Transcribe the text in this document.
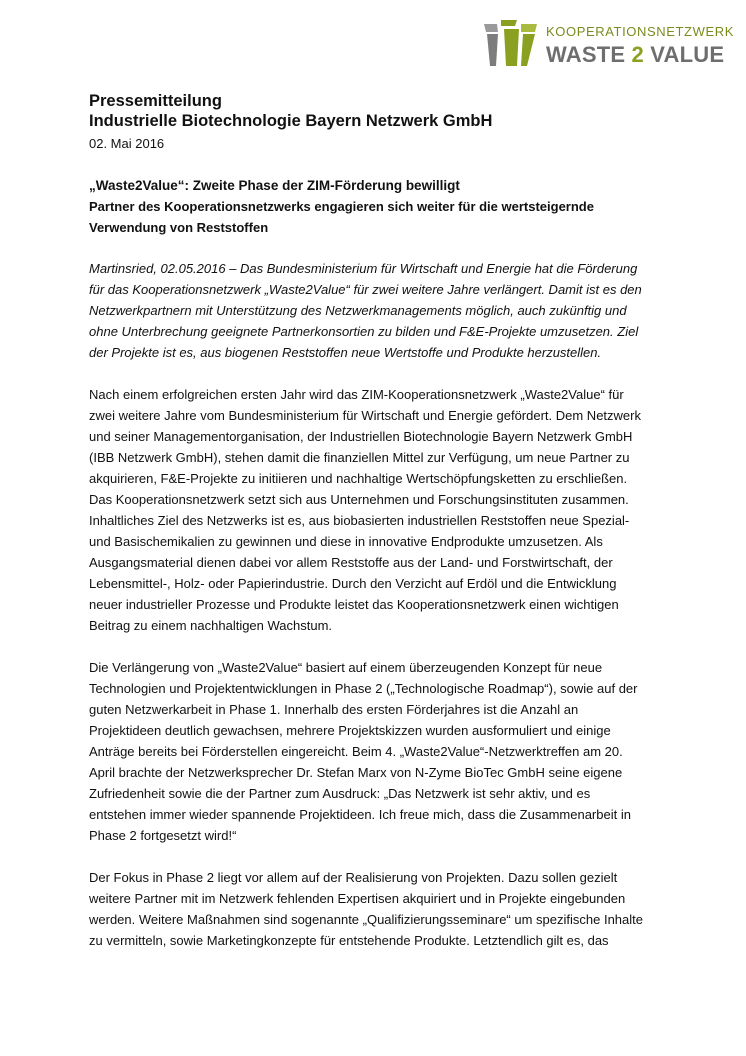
KOOPERATIONSNETZWERK
WASTE 2 VALUE

Pressemitteilung

Industrielle Biotechnologie Bayern Netzwerk GmbH

02. Mai 2016

„Waste2Value“: Zweite Phase der ZIM-Förderung bewilligt

Partner des Kooperationsnetzwerks engagieren sich weiter für die wertsteigernde Verwendung von Reststoffen

Martinsried, 02.05.2016 – Das Bundesministerium für Wirtschaft und Energie hat die Förderung für das Kooperationsnetzwerk „Waste2Value“ für zwei weitere Jahre verlängert. Damit ist es den Netzwerkpartnern mit Unterstützung des Netzwerkmanagements möglich, auch zukünftig und ohne Unterbrechung geeignete Partnerkonsortien zu bilden und F&E-Projekte umzusetzen. Ziel der Projekte ist es, aus biogenen Reststoffen neue Wertstoffe und Produkte herzustellen.

Nach einem erfolgreichen ersten Jahr wird das ZIM-Kooperationsnetzwerk „Waste2Value“ für zwei weitere Jahre vom Bundesministerium für Wirtschaft und Energie gefördert. Dem Netzwerk und seiner Managementorganisation, der Industriellen Biotechnologie Bayern Netzwerk GmbH (IBB Netzwerk GmbH), stehen damit die finanziellen Mittel zur Verfügung, um neue Partner zu akquirieren, F&E-Projekte zu initiieren und nachhaltige Wertschöpfungsketten zu erschließen. Das Kooperationsnetzwerk setzt sich aus Unternehmen und Forschungsinstituten zusammen. Inhaltliches Ziel des Netzwerks ist es, aus biobasierten industriellen Reststoffen neue Spezial- und Basischemikalien zu gewinnen und diese in innovative Endprodukte umzusetzen. Als Ausgangsmaterial dienen dabei vor allem Reststoffe aus der Land- und Forstwirtschaft, der Lebensmittel-, Holz- oder Papierindustrie. Durch den Verzicht auf Erdöl und die Entwicklung neuer industrieller Prozesse und Produkte leistet das Kooperationsnetzwerk einen wichtigen Beitrag zu einem nachhaltigen Wachstum.

Die Verlängerung von „Waste2Value“ basiert auf einem überzeugenden Konzept für neue Technologien und Projektentwicklungen in Phase 2 („Technologische Roadmap“), sowie auf der guten Netzwerkarbeit in Phase 1. Innerhalb des ersten Förderjahres ist die Anzahl an Projektideen deutlich gewachsen, mehrere Projektskizzen wurden ausformuliert und einige Anträge bereits bei Förderstellen eingereicht. Beim 4. „Waste2Value“-Netzwerktreffen am 20. April brachte der Netzwerksprecher Dr. Stefan Marx von N-Zyme BioTec GmbH seine eigene Zufriedenheit sowie die der Partner zum Ausdruck: „Das Netzwerk ist sehr aktiv, und es entstehen immer wieder spannende Projektideen. Ich freue mich, dass die Zusammenarbeit in Phase 2 fortgesetzt wird!“

Der Fokus in Phase 2 liegt vor allem auf der Realisierung von Projekten. Dazu sollen gezielt weitere Partner mit im Netzwerk fehlenden Expertisen akquiriert und in Projekte eingebunden werden. Weitere Maßnahmen sind sogenannte „Qualifizierungsseminare“ um spezifische Inhalte zu vermitteln, sowie Marketingkonzepte für entstehende Produkte. Letztendlich gilt es, das
